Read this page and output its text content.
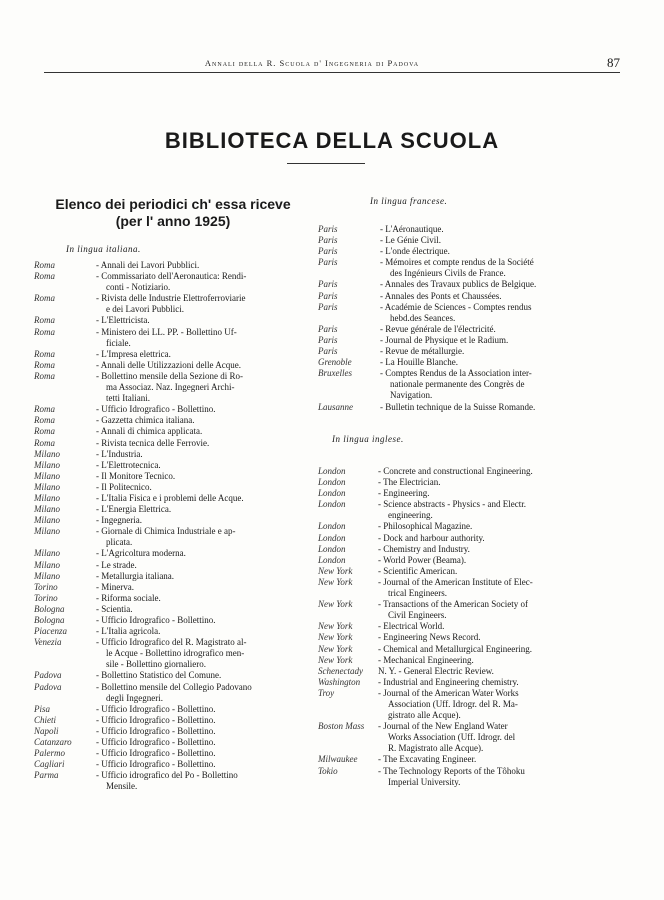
Annali della R. Scuola d' Ingegneria di Padova	87
BIBLIOTECA DELLA SCUOLA
Elenco dei periodici ch' essa riceve
(per l' anno 1925)
In lingua italiana.
Roma	- Annali dei Lavori Pubblici.
Roma	- Commissariato dell'Aeronautica: Rendi-
conti - Notiziario.
Roma	- Rivista delle Industrie Elettroferroviarie
e dei Lavori Pubblici.
Roma	- L'Elettricista.
Roma	- Ministero dei LL. PP. - Bollettino Uf-
ficiale.
Roma	- L'Impresa elettrica.
Roma	- Annali delle Utilizzazioni delle Acque.
Roma	- Bollettino mensile della Sezione di Ro-
ma Associaz. Naz. Ingegneri Archi-
tetti Italiani.
Roma	- Ufficio Idrografico - Bollettino.
Roma	- Gazzetta chimica italiana.
Roma	- Annali di chimica applicata.
Roma	- Rivista tecnica delle Ferrovie.
Milano	- L'Industria.
Milano	- L'Elettrotecnica.
Milano	- Il Monitore Tecnico.
Milano	- Il Politecnico.
Milano	- L'Italia Fisica e i problemi delle Acque.
Milano	- L'Energia Elettrica.
Milano	- Ingegneria.
Milano	- Giornale di Chimica Industriale e ap-
plicata.
Milano	- L'Agricoltura moderna.
Milano	- Le strade.
Milano	- Metallurgia italiana.
Torino	- Minerva.
Torino	- Riforma sociale.
Bologna	- Scientia.
Bologna	- Ufficio Idrografico - Bollettino.
Piacenza	- L'Italia agricola.
Venezia	- Ufficio Idrografico del R. Magistrato al-
le Acque - Bollettino idrografico men-
sile - Bollettino giornaliero.
Padova	- Bollettino Statistico del Comune.
Padova	- Bollettino mensile del Collegio Padovano
degli Ingegneri.
Pisa	- Ufficio Idrografico - Bollettino.
Chieti	- Ufficio Idrografico - Bollettino.
Napoli	- Ufficio Idrografico - Bollettino.
Catanzaro	- Ufficio Idrografico - Bollettino.
Palermo	- Ufficio Idrografico - Bollettino.
Cagliari	- Ufficio Idrografico - Bollettino.
Parma	- Ufficio idrografico del Po - Bollettino
Mensile.
In lingua francese.
Paris	- L'Aéronautique.
Paris	- Le Génie Civil.
Paris	- L'onde électrique.
Paris	- Mémoires et compte rendus de la Société
des Ingénieurs Civils de France.
Paris	- Annales des Travaux publics de Belgique.
Paris	- Annales des Ponts et Chaussées.
Paris	- Académie de Sciences - Comptes rendus
hebd.des Seances.
Paris	- Revue générale de l'électricité.
Paris	- Journal de Physique et le Radium.
Paris	- Revue de métallurgie.
Grenoble	- La Houille Blanche.
Bruxelles	- Comptes Rendus de la Association inter-
nationale permanente des Congrès de
Navigation.
Lausanne	- Bulletin technique de la Suisse Romande.
In lingua inglese.
London	- Concrete and constructional Engineering.
London	- The Electrician.
London	- Engineering.
London	- Science abstracts - Physics - and Electr.
engineering.
London	- Philosophical Magazine.
London	- Dock and harbour authority.
London	- Chemistry and Industry.
London	- World Power (Beama).
New York	- Scientific American.
New York	- Journal of the American Institute of Elec-
trical Engineers.
New York	- Transactions of the American Society of
Civil Engineers.
New York	- Electrical World.
New York	- Engineering News Record.
New York	- Chemical and Metallurgical Engineering.
New York	- Mechanical Engineering.
Schenectady	N. Y. - General Electric Review.
Washington	- Industrial and Engineering chemistry.
Troy	- Journal of the American Water Works
Association (Uff. Idrogr. del R. Ma-
gistrato alle Acque).
Boston Mass	- Journal of the New England Water
Works Association (Uff. Idrogr. del
R. Magistrato alle Acque).
Milwaukee	- The Excavating Engineer.
Tokio	- The Technology Reports of the Tôhoku
Imperial University.
